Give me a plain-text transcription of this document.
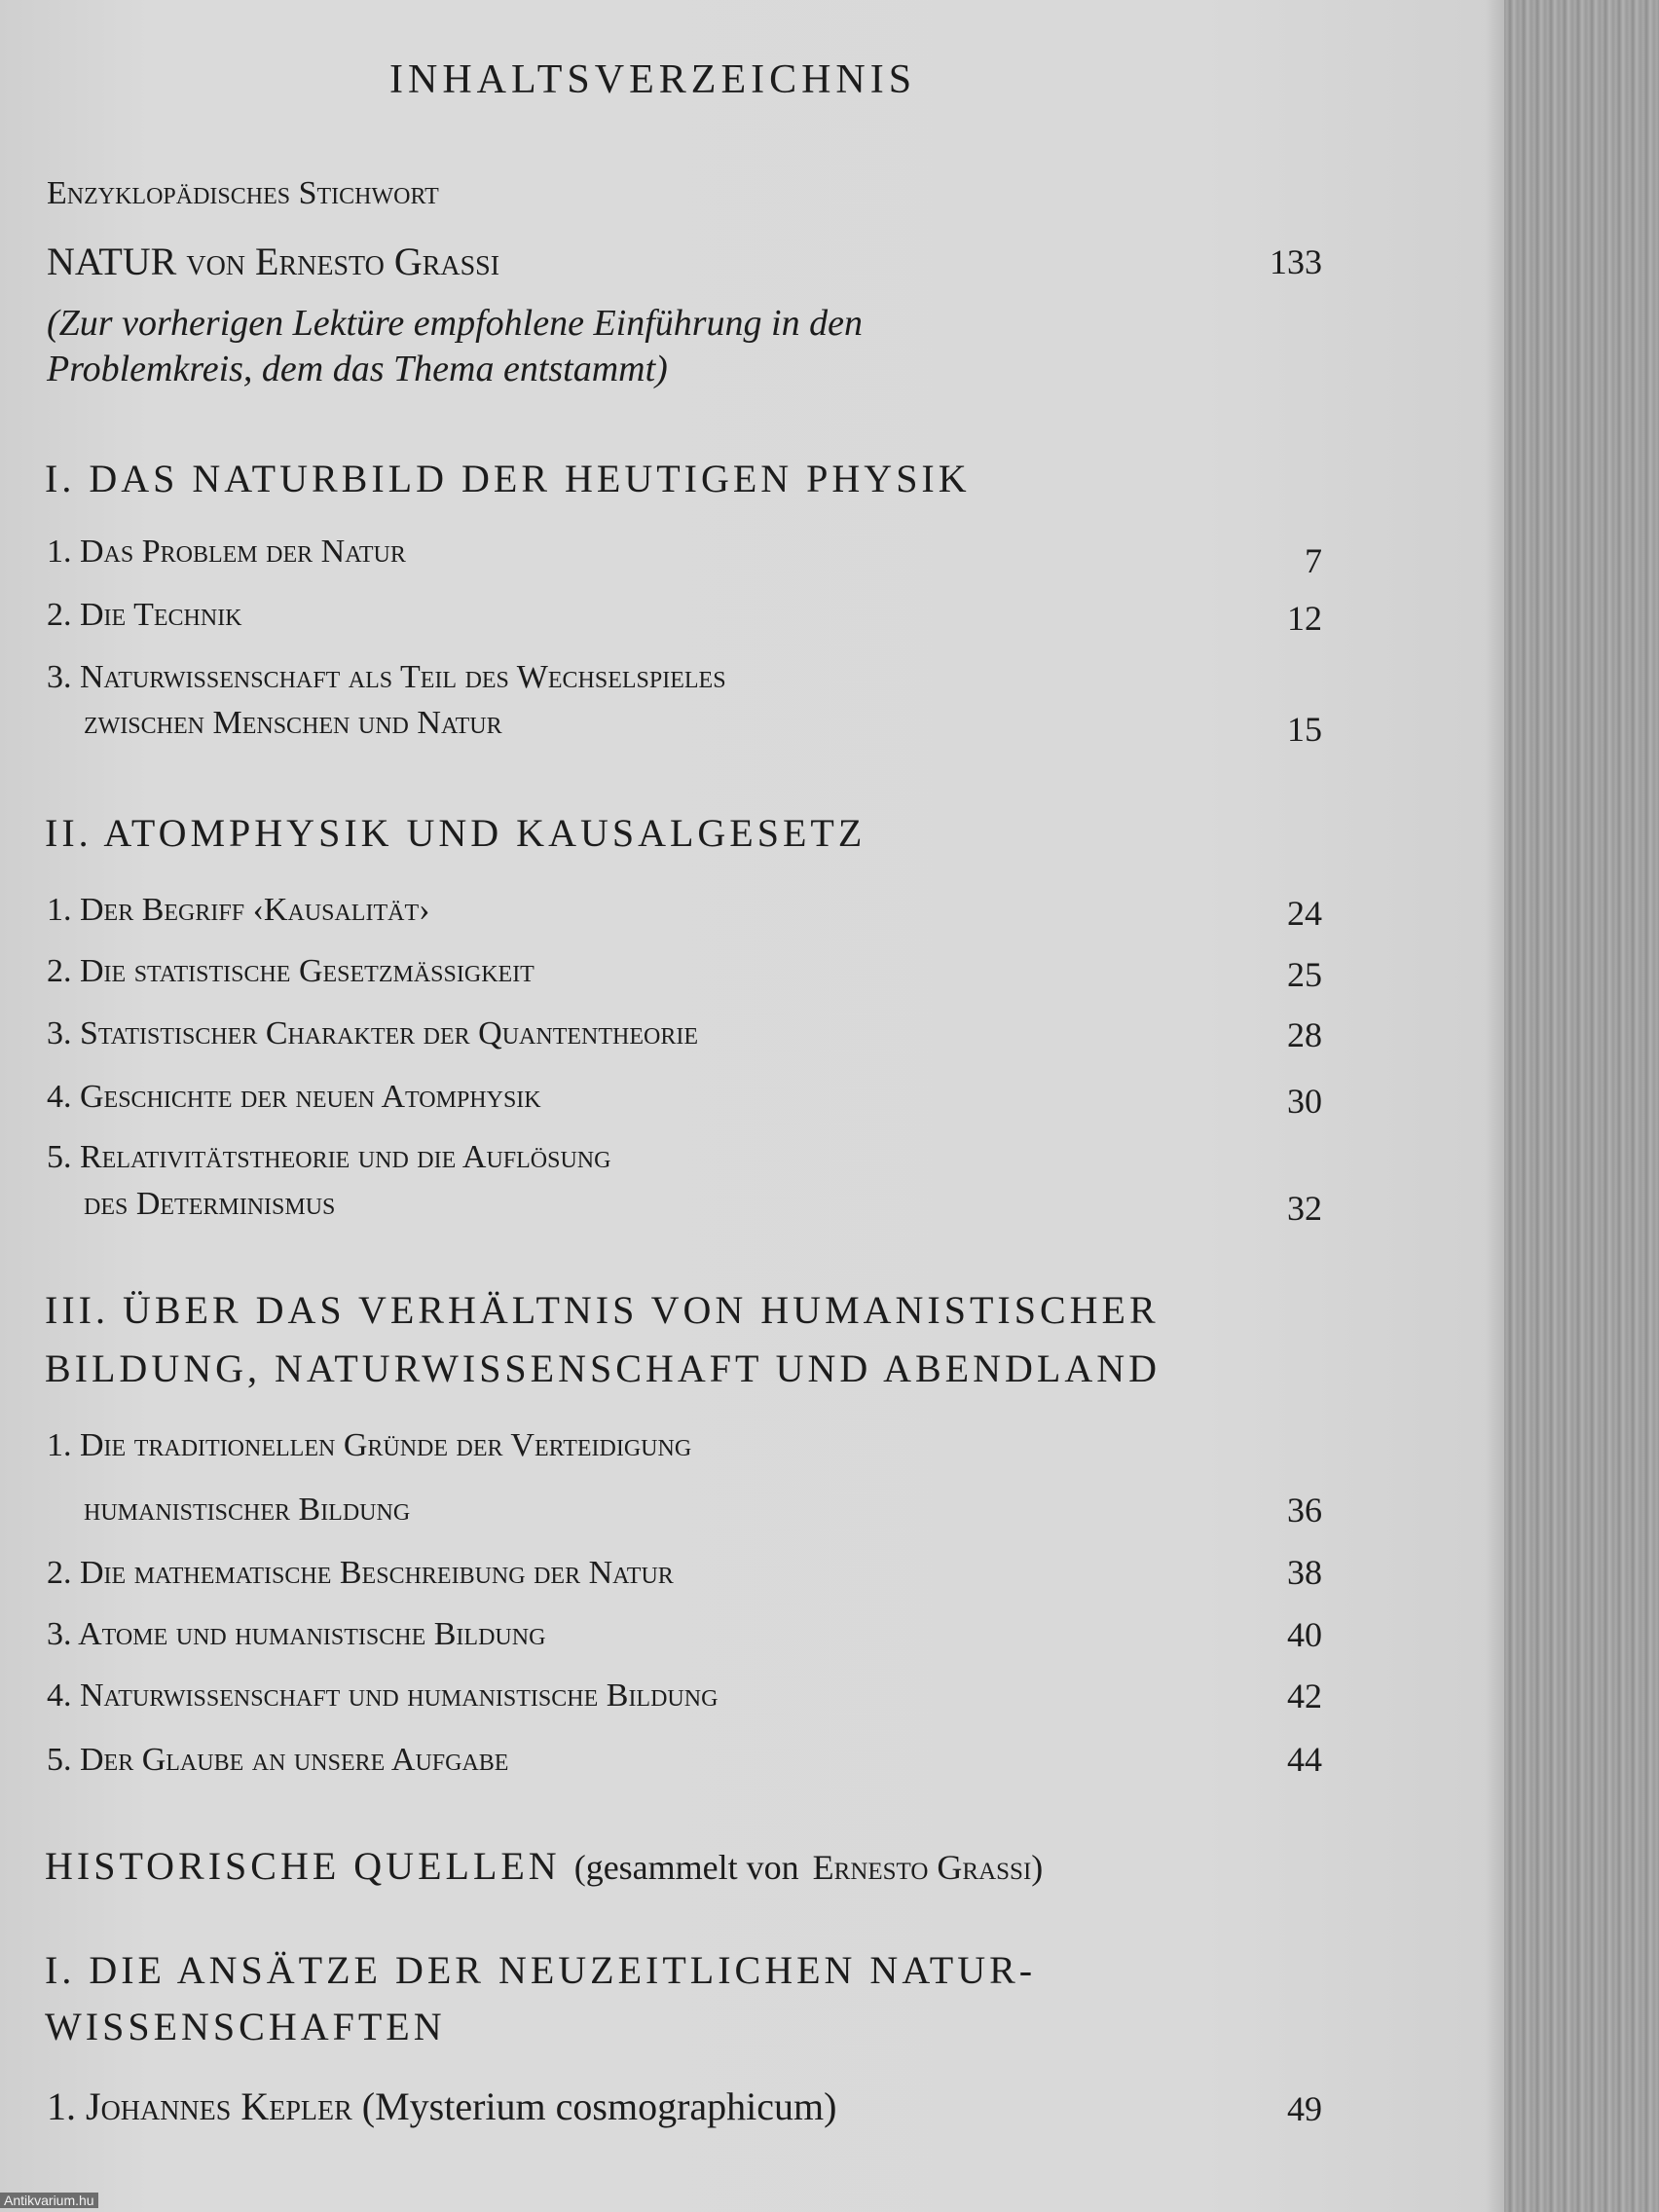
INHALTSVERZEICHNIS
Enzyklopädisches Stichwort
NATUR von Ernesto Grassi	133
(Zur vorherigen Lektüre empfohlene Einführung in den
Problemkreis, dem das Thema entstammt)
I. DAS NATURBILD DER HEUTIGEN PHYSIK
1. Das Problem der Natur	7
2. Die Technik	12
3. Naturwissenschaft als Teil des Wechselspieles
zwischen Menschen und Natur	15
II. ATOMPHYSIK UND KAUSALGESETZ
1. Der Begriff ‹Kausalität›	24
2. Die statistische Gesetzmässigkeit	25
3. Statistischer Charakter der Quantentheorie	28
4. Geschichte der neuen Atomphysik	30
5. Relativitätstheorie und die Auflösung
des Determinismus	32
III. ÜBER DAS VERHÄLTNIS VON HUMANISTISCHER
BILDUNG, NATURWISSENSCHAFT UND ABENDLAND
1. Die traditionellen Gründe der Verteidigung
humanistischer Bildung	36
2. Die mathematische Beschreibung der Natur	38
3. Atome und humanistische Bildung	40
4. Naturwissenschaft und humanistische Bildung	42
5. Der Glaube an unsere Aufgabe	44
HISTORISCHE QUELLEN (gesammelt von Ernesto Grassi)
I. DIE ANSÄTZE DER NEUZEITLICHEN NATUR-
WISSENSCHAFTEN
1. Johannes Kepler (Mysterium cosmographicum)	49
Antikvarium.hu
